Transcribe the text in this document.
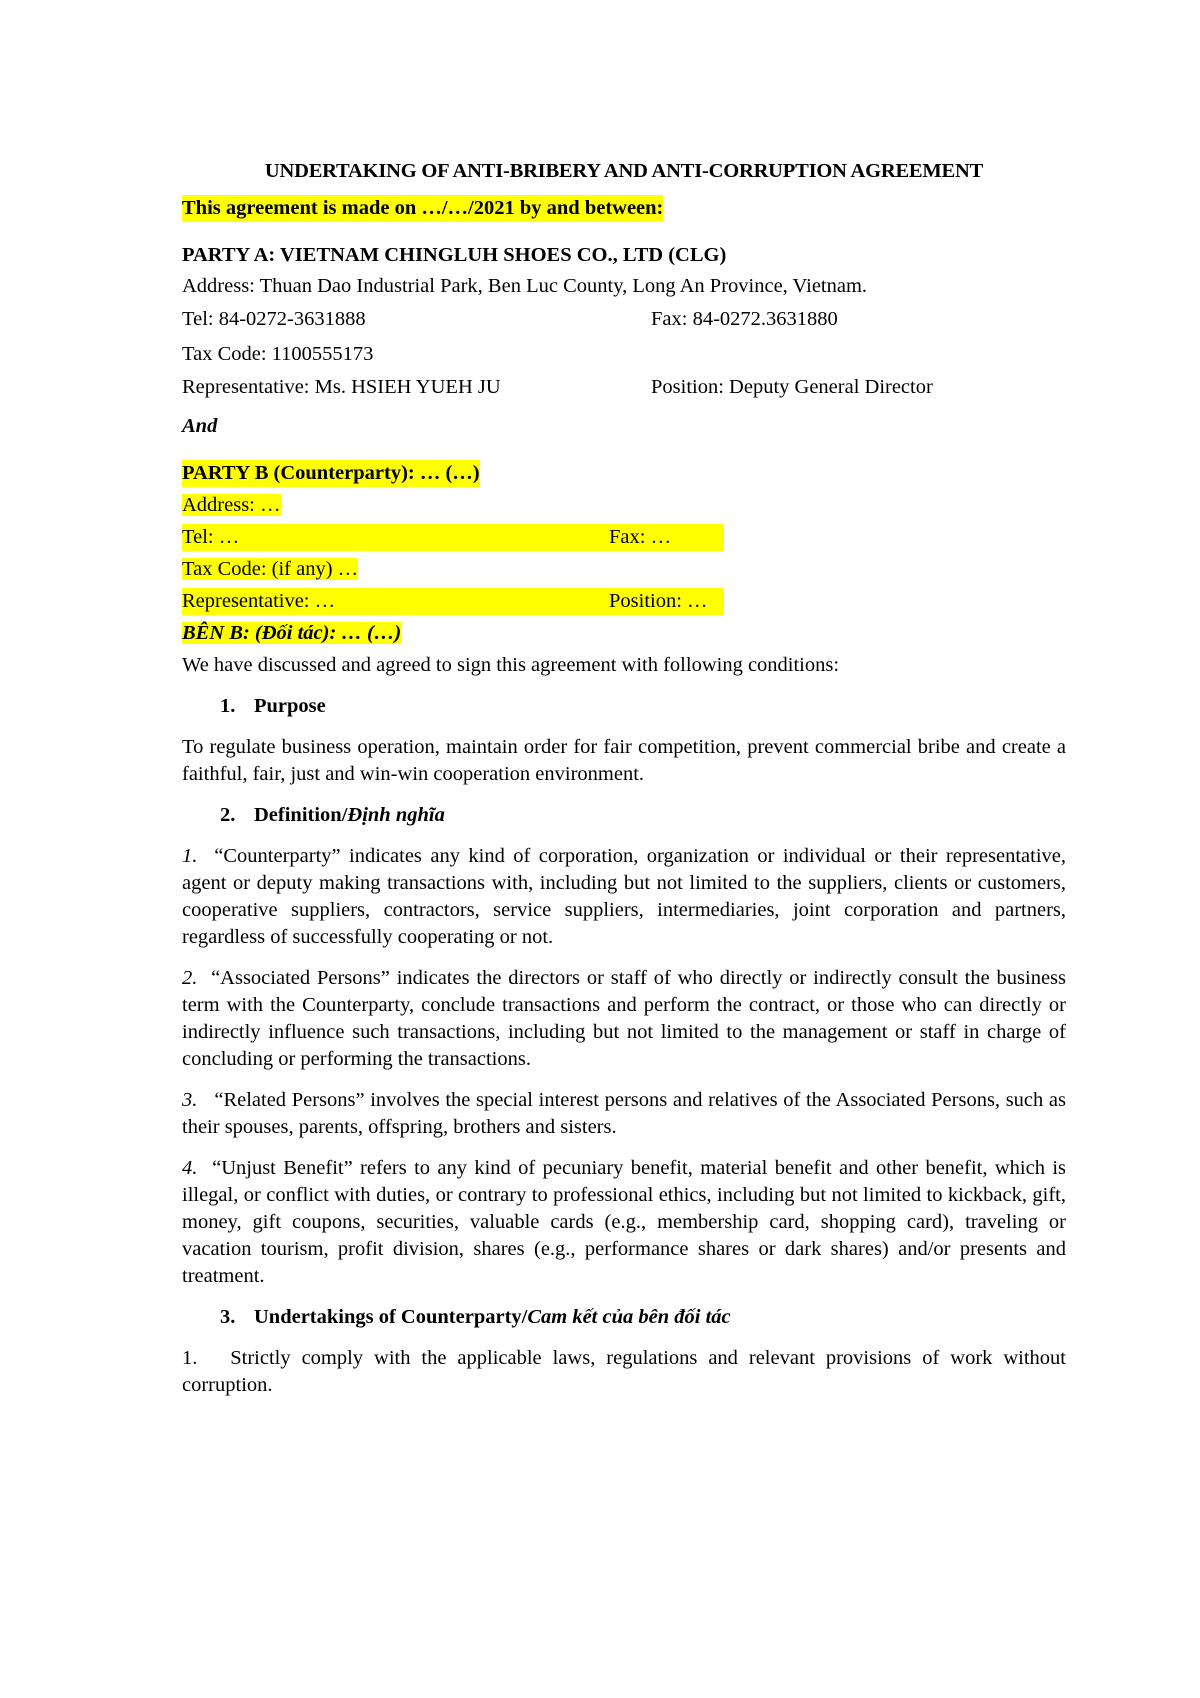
UNDERTAKING OF ANTI-BRIBERY AND ANTI-CORRUPTION AGREEMENT

This agreement is made on …/…/2021 by and between:

PARTY A: VIETNAM CHINGLUH SHOES CO., LTD (CLG)

Address: Thuan Dao Industrial Park, Ben Luc County, Long An Province, Vietnam.

Tel: 84-0272-3631888	Fax: 84-0272.3631880

Tax Code: 1100555173

Representative: Ms. HSIEH YUEH JU	Position: Deputy General Director

And

PARTY B (Counterparty): … (…)
Address: …
Tel: …	Fax: …
Tax Code: (if any) …
Representative: …	Position: …
BÊN B: (Đối tác): … (…)

We have discussed and agreed to sign this agreement with following conditions:

1. Purpose

To regulate business operation, maintain order for fair competition, prevent commercial bribe and create a faithful, fair, just and win-win cooperation environment.

2. Definition/Định nghĩa

1. “Counterparty” indicates any kind of corporation, organization or individual or their representative, agent or deputy making transactions with, including but not limited to the suppliers, clients or customers, cooperative suppliers, contractors, service suppliers, intermediaries, joint corporation and partners, regardless of successfully cooperating or not.

2. “Associated Persons” indicates the directors or staff of who directly or indirectly consult the business term with the Counterparty, conclude transactions and perform the contract, or those who can directly or indirectly influence such transactions, including but not limited to the management or staff in charge of concluding or performing the transactions.

3. “Related Persons” involves the special interest persons and relatives of the Associated Persons, such as their spouses, parents, offspring, brothers and sisters.

4. “Unjust Benefit” refers to any kind of pecuniary benefit, material benefit and other benefit, which is illegal, or conflict with duties, or contrary to professional ethics, including but not limited to kickback, gift, money, gift coupons, securities, valuable cards (e.g., membership card, shopping card), traveling or vacation tourism, profit division, shares (e.g., performance shares or dark shares) and/or presents and treatment.

3. Undertakings of Counterparty/Cam kết của bên đối tác

1. Strictly comply with the applicable laws, regulations and relevant provisions of work without corruption.
